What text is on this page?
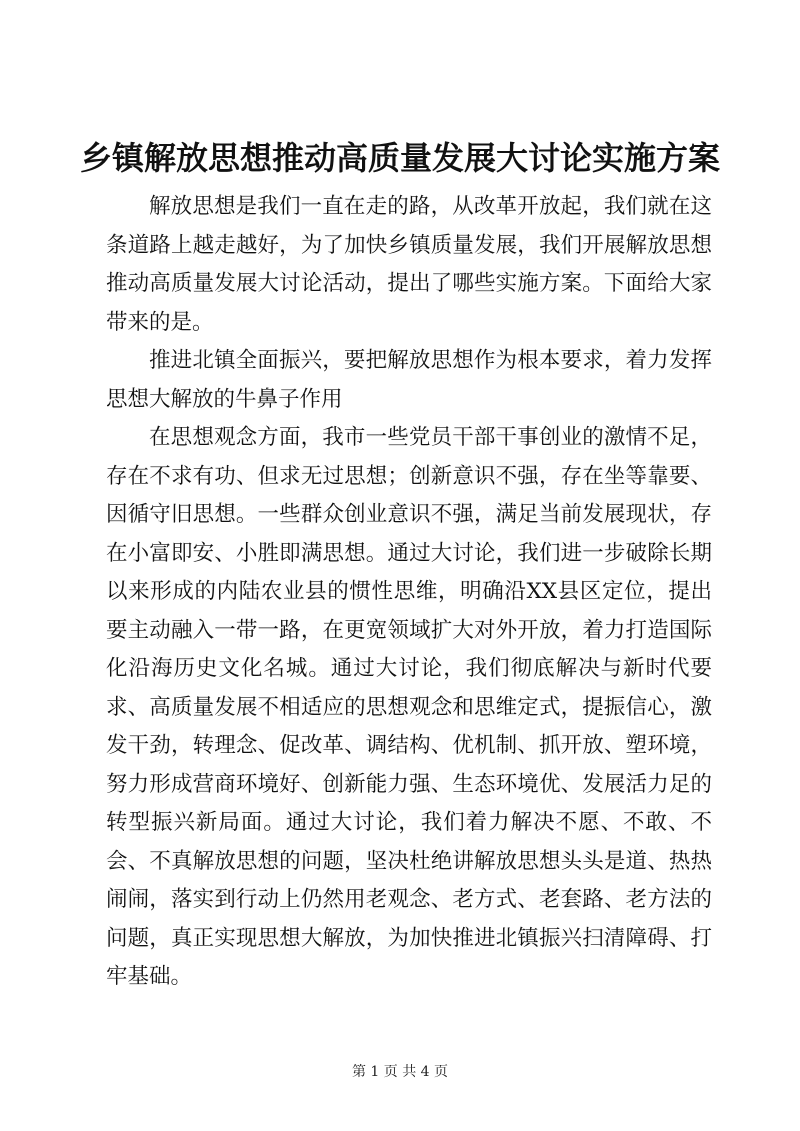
乡镇解放思想推动高质量发展大讨论实施方案

解放思想是我们一直在走的路，从改革开放起，我们就在这条道路上越走越好，为了加快乡镇质量发展，我们开展解放思想推动高质量发展大讨论活动，提出了哪些实施方案。下面给大家带来的是。

推进北镇全面振兴，要把解放思想作为根本要求，着力发挥思想大解放的牛鼻子作用

在思想观念方面，我市一些党员干部干事创业的激情不足，存在不求有功、但求无过思想；创新意识不强，存在坐等靠要、因循守旧思想。一些群众创业意识不强，满足当前发展现状，存在小富即安、小胜即满思想。通过大讨论，我们进一步破除长期以来形成的内陆农业县的惯性思维，明确沿XX县区定位，提出要主动融入一带一路，在更宽领域扩大对外开放，着力打造国际化沿海历史文化名城。通过大讨论，我们彻底解决与新时代要求、高质量发展不相适应的思想观念和思维定式，提振信心，激发干劲，转理念、促改革、调结构、优机制、抓开放、塑环境，努力形成营商环境好、创新能力强、生态环境优、发展活力足的转型振兴新局面。通过大讨论，我们着力解决不愿、不敢、不会、不真解放思想的问题，坚决杜绝讲解放思想头头是道、热热闹闹，落实到行动上仍然用老观念、老方式、老套路、老方法的问题，真正实现思想大解放，为加快推进北镇振兴扫清障碍、打牢基础。

第 1 页 共 4 页
